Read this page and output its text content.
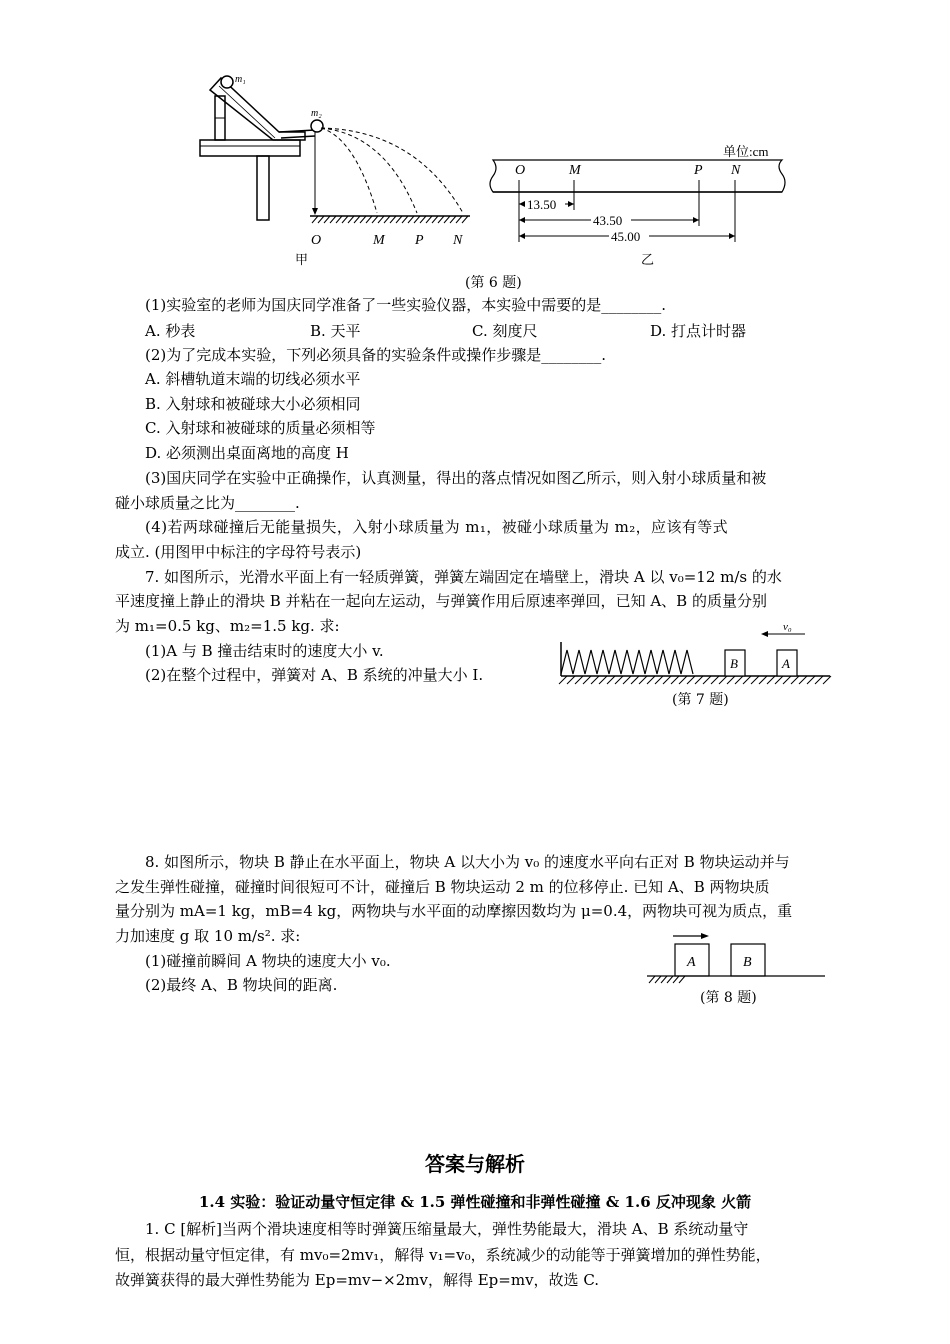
m₁
m₂
O	M P N
甲
单位:cm
O	M	P N
13.50
43.50
45.00
乙
(第 6 题)
(1)实验室的老师为国庆同学准备了一些实验仪器，本实验中需要的是________.
A. 秒表	B. 天平	C. 刻度尺	D. 打点计时器
(2)为了完成本实验，下列必须具备的实验条件或操作步骤是________.
A. 斜槽轨道末端的切线必须水平
B. 入射球和被碰球大小必须相同
C. 入射球和被碰球的质量必须相等
D. 必须测出桌面离地的高度 H
(3)国庆同学在实验中正确操作，认真测量，得出的落点情况如图乙所示，则入射小球质量和被
碰小球质量之比为________.
(4)若两球碰撞后无能量损失，入射小球质量为 m₁，被碰小球质量为 m₂，应该有等式
成立. (用图甲中标注的字母符号表示)
7. 如图所示，光滑水平面上有一轻质弹簧，弹簧左端固定在墙壁上，滑块 A 以 v₀=12 m/s 的水
平速度撞上静止的滑块 B 并粘在一起向左运动，与弹簧作用后原速率弹回，已知 A、B 的质量分别
为 m₁=0.5 kg、m₂=1.5 kg. 求:
(1)A 与 B 撞击结束时的速度大小 v.
(2)在整个过程中，弹簧对 A、B 系统的冲量大小 I.
B	A
v₀
(第 7 题)
8. 如图所示，物块 B 静止在水平面上，物块 A 以大小为 v₀ 的速度水平向右正对 B 物块运动并与
之发生弹性碰撞，碰撞时间很短可不计，碰撞后 B 物块运动 2 m 的位移停止. 已知 A、B 两物块质
量分别为 mA=1 kg，mB=4 kg，两物块与水平面的动摩擦因数均为 μ=0.4，两物块可视为质点，重
力加速度 g 取 10 m/s². 求:
(1)碰撞前瞬间 A 物块的速度大小 v₀.
(2)最终 A、B 物块间的距离.
A	B
(第 8 题)
答案与解析
1.4 实验：验证动量守恒定律 & 1.5 弹性碰撞和非弹性碰撞 & 1.6 反冲现象 火箭
1. C [解析]当两个滑块速度相等时弹簧压缩量最大，弹性势能最大，滑块 A、B 系统动量守
恒，根据动量守恒定律，有 mv₀=2mv₁，解得 v₁=v₀，系统减少的动能等于弹簧增加的弹性势能，
故弹簧获得的最大弹性势能为 Ep=mv−×2mv，解得 Ep=mv，故选 C.
